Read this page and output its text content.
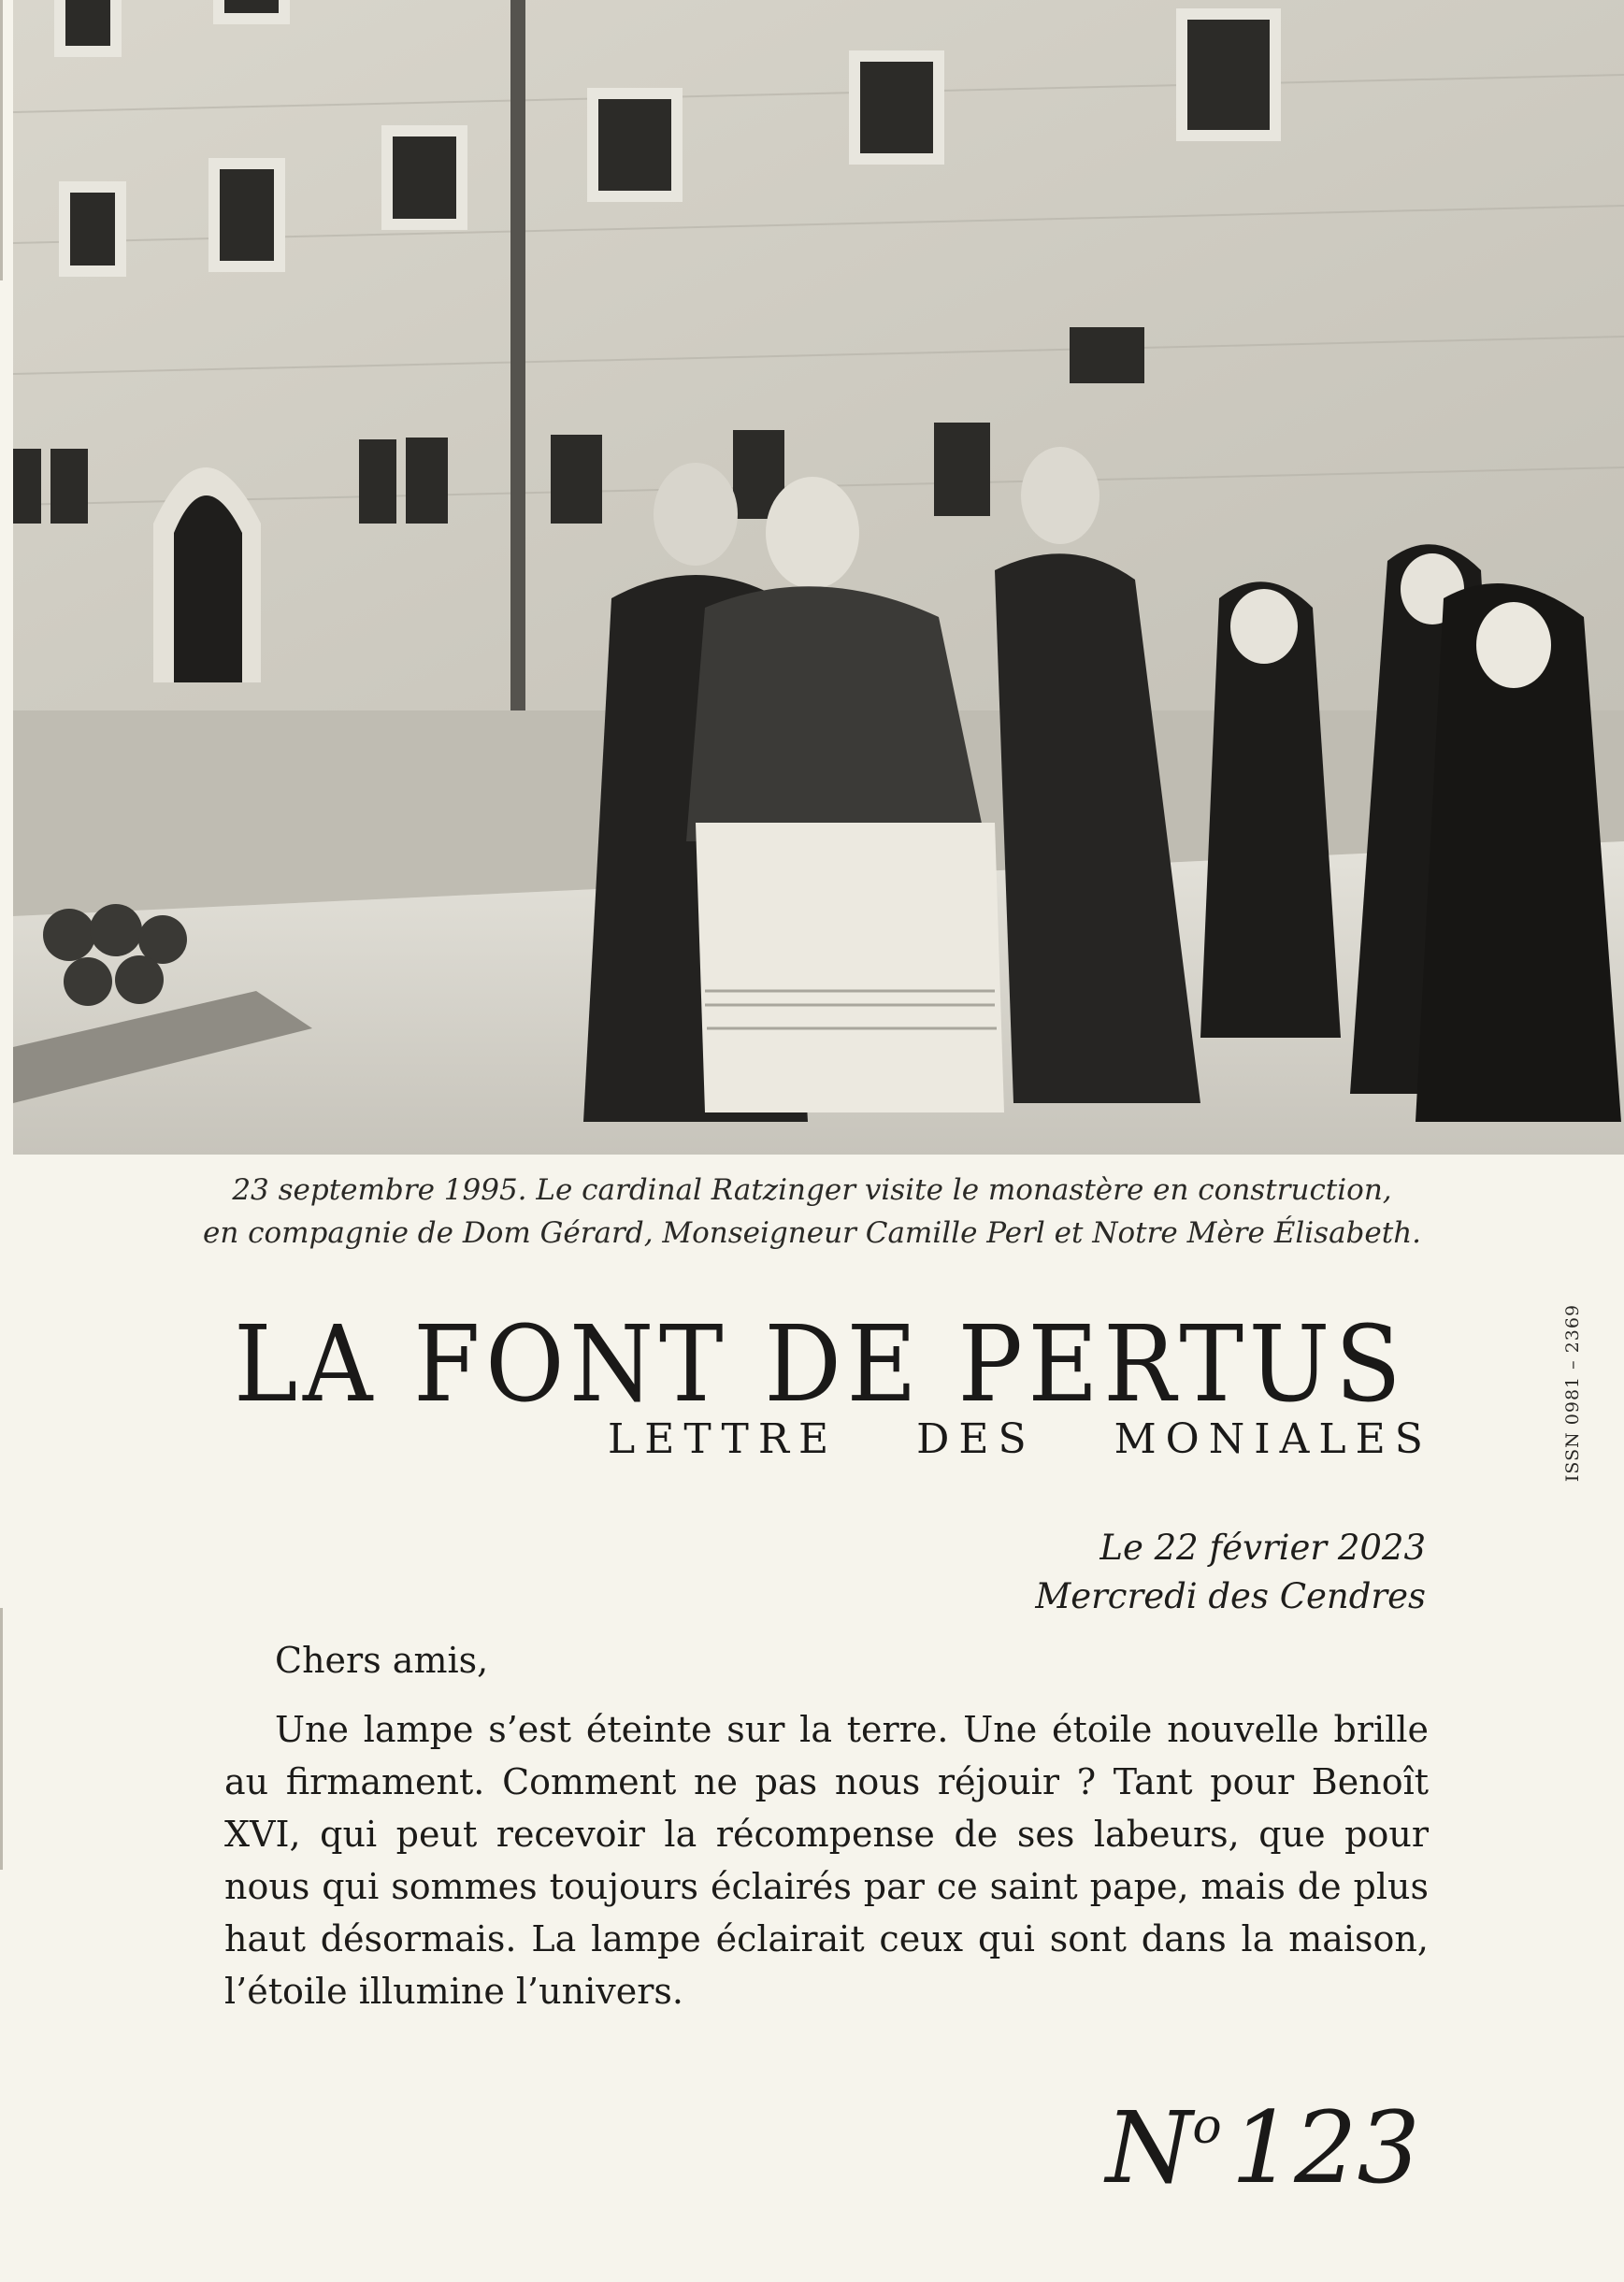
23 septembre 1995. Le cardinal Ratzinger visite le monastère en construction,
en compagnie de Dom Gérard, Monseigneur Camille Perl et Notre Mère Élisabeth.
LA FONT DE PERTUS
LETTRE DES MONIALES	ISSN 0981 – 2369
Le 22 février 2023
Mercredi des Cendres
Chers amis,

Une lampe s’est éteinte sur la terre. Une étoile nouvelle brille au firmament. Comment ne pas nous réjouir ? Tant pour Benoît XVI, qui peut recevoir la récompense de ses labeurs, que pour nous qui sommes toujours éclairés par ce saint pape, mais de plus haut désormais. La lampe éclairait ceux qui sont dans la maison, l’étoile illumine l’univers.

$N^o123$
